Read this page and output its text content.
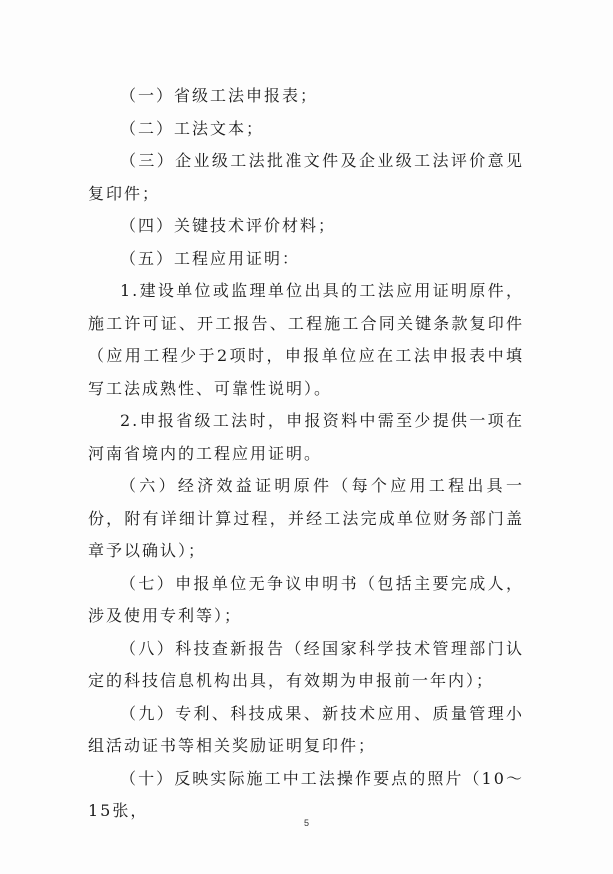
（一）省级工法申报表；

（二）工法文本；

（三）企业级工法批准文件及企业级工法评价意见复印件；

（四）关键技术评价材料；

（五）工程应用证明：

1.建设单位或监理单位出具的工法应用证明原件，施工许可证、开工报告、工程施工合同关键条款复印件（应用工程少于2项时，申报单位应在工法申报表中填写工法成熟性、可靠性说明）。

2.申报省级工法时，申报资料中需至少提供一项在河南省境内的工程应用证明。

（六）经济效益证明原件（每个应用工程出具一份，附有详细计算过程，并经工法完成单位财务部门盖章予以确认）；

（七）申报单位无争议申明书（包括主要完成人，涉及使用专利等）；

（八）科技查新报告（经国家科学技术管理部门认定的科技信息机构出具，有效期为申报前一年内）；

（九）专利、科技成果、新技术应用、质量管理小组活动证书等相关奖励证明复印件；

（十）反映实际施工中工法操作要点的照片（10～15张，

5
